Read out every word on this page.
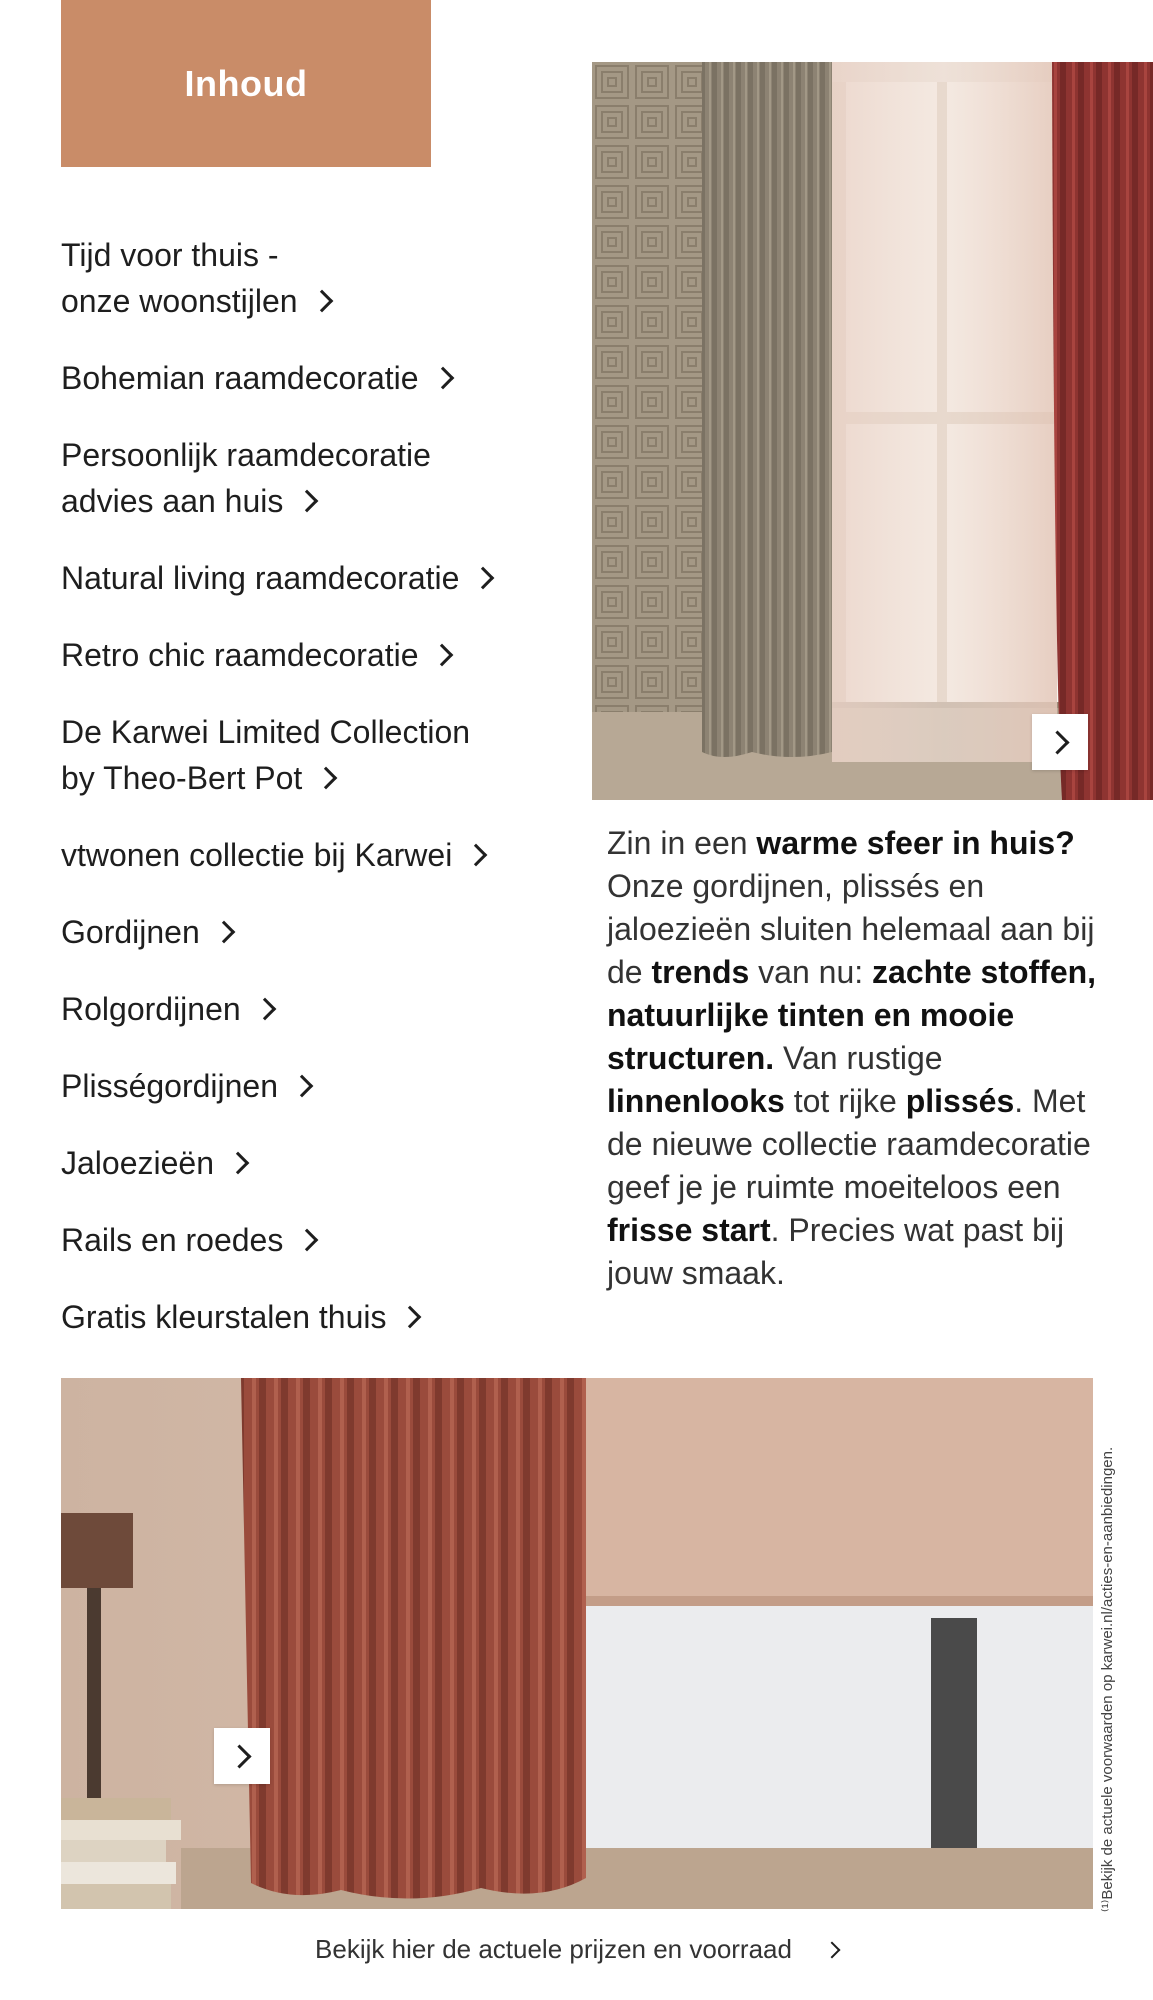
Inhoud
Tijd voor thuis -
onze woonstijlen
Bohemian raamdecoratie
Persoonlijk raamdecoratie
advies aan huis
Natural living raamdecoratie
Retro chic raamdecoratie
De Karwei Limited Collection
by Theo-Bert Pot
vtwonen collectie bij Karwei
Gordijnen
Rolgordijnen
Plisségordijnen
Jaloezieën
Rails en roedes
Gratis kleurstalen thuis
Zin in een warme sfeer in huis? Onze gordijnen, plissés en jaloezieën sluiten helemaal aan bij de trends van nu: zachte stoffen, natuurlijke tinten en mooie structuren. Van rustige linnenlooks tot rijke plissés. Met de nieuwe collectie raamdecoratie geef je je ruimte moeiteloos een frisse start. Precies wat past bij jouw smaak.
⁽¹⁾Bekijk de actuele voorwaarden op karwei.nl/acties-en-aanbiedingen.
Bekijk hier de actuele prijzen en voorraad
